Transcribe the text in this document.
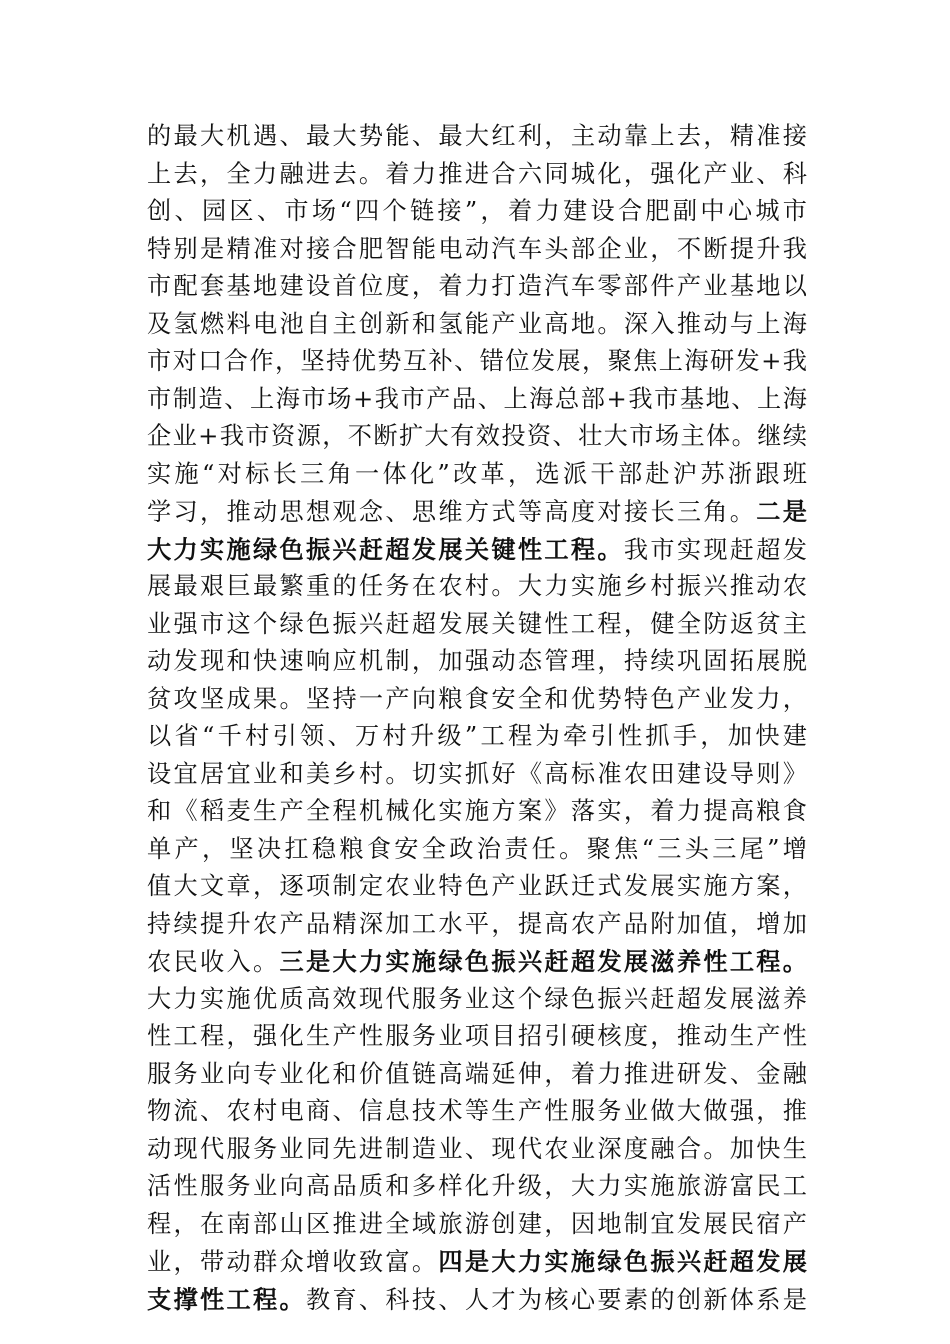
的最大机遇、最大势能、最大红利，主动靠上去，精准接
上去，全力融进去。着力推进合六同城化，强化产业、科
创、园区、市场“四个链接”，着力建设合肥副中心城市
特别是精准对接合肥智能电动汽车头部企业，不断提升我
市配套基地建设首位度，着力打造汽车零部件产业基地以
及氢燃料电池自主创新和氢能产业高地。深入推动与上海
市对口合作，坚持优势互补、错位发展，聚焦上海研发+我
市制造、上海市场+我市产品、上海总部+我市基地、上海
企业+我市资源，不断扩大有效投资、壮大市场主体。继续
实施“对标长三角一体化”改革，选派干部赴沪苏浙跟班
学习，推动思想观念、思维方式等高度对接长三角。二是
大力实施绿色振兴赶超发展关键性工程。我市实现赶超发
展最艰巨最繁重的任务在农村。大力实施乡村振兴推动农
业强市这个绿色振兴赶超发展关键性工程，健全防返贫主
动发现和快速响应机制，加强动态管理，持续巩固拓展脱
贫攻坚成果。坚持一产向粮食安全和优势特色产业发力，
以省“千村引领、万村升级”工程为牵引性抓手，加快建
设宜居宜业和美乡村。切实抓好《高标准农田建设导则》
和《稻麦生产全程机械化实施方案》落实，着力提高粮食
单产，坚决扛稳粮食安全政治责任。聚焦“三头三尾”增
值大文章，逐项制定农业特色产业跃迁式发展实施方案，
持续提升农产品精深加工水平，提高农产品附加值，增加
农民收入。三是大力实施绿色振兴赶超发展滋养性工程。
大力实施优质高效现代服务业这个绿色振兴赶超发展滋养
性工程，强化生产性服务业项目招引硬核度，推动生产性
服务业向专业化和价值链高端延伸，着力推进研发、金融
物流、农村电商、信息技术等生产性服务业做大做强，推
动现代服务业同先进制造业、现代农业深度融合。加快生
活性服务业向高品质和多样化升级，大力实施旅游富民工
程，在南部山区推进全域旅游创建，因地制宜发展民宿产
业，带动群众增收致富。四是大力实施绿色振兴赶超发展
支撑性工程。教育、科技、人才为核心要素的创新体系是
